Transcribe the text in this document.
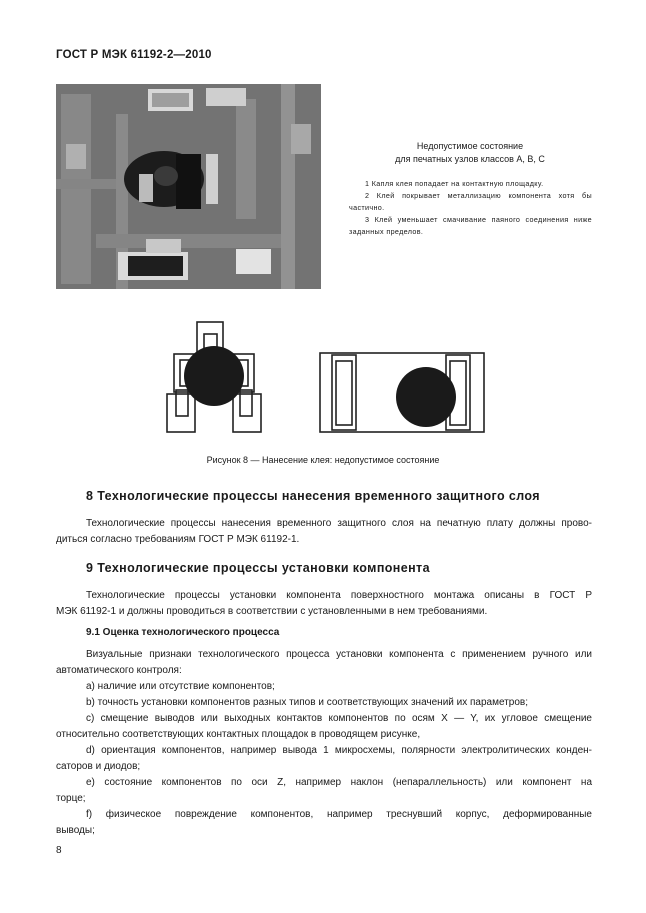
ГОСТ Р МЭК 61192-2—2010
Недопустимое состояние
для печатных узлов классов А, В, С

1 Капля клея попадает на контактную площадку.

2 Клей покрывает металлизацию компонента хотя бы частично.

3 Клей уменьшает смачивание паяного соединения ниже заданных пределов.

Рисунок 8 — Нанесение клея: недопустимое состояние
8 Технологические процессы нанесения временного защитного слоя
Технологические процессы нанесения временного защитного слоя на печатную плату должны прово-
диться согласно требованиям ГОСТ Р МЭК 61192-1.
9 Технологические процессы установки компонента
Технологические процессы установки компонента поверхностного монтажа описаны в ГОСТ Р
МЭК 61192-1 и должны проводиться в соответствии с установленными в нем требованиями.
9.1 Оценка технологического процесса
Визуальные признаки технологического процесса установки компонента с применением ручного или
автоматического контроля:
а) наличие или отсутствие компонентов;
b) точность установки компонентов разных типов и соответствующих значений их параметров;
c) смещение выводов или выходных контактов компонентов по осям X — Y, их угловое смещение
относительно соответствующих контактных площадок в проводящем рисунке,
d) ориентация компонентов, например вывода 1 микросхемы, полярности электролитических конден-
саторов и диодов;
e) состояние компонентов по оси Z, например наклон (непараллельность) или компонент на
торце;
f) физическое повреждение компонентов, например треснувший корпус, деформированные
выводы;
8
